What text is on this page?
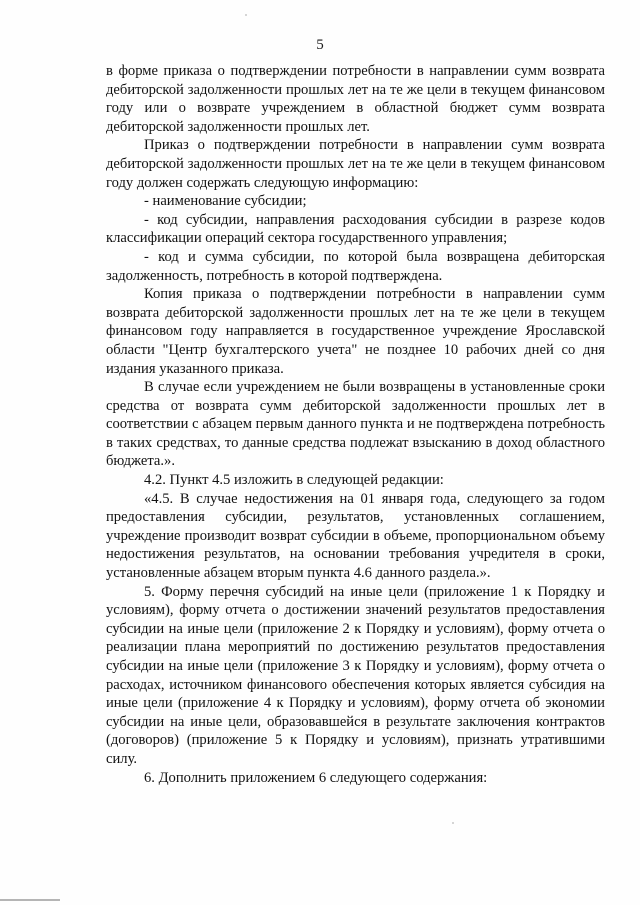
5

в форме приказа о подтверждении потребности в направлении сумм возврата дебиторской задолженности прошлых лет на те же цели в текущем финансовом году или о возврате учреждением в областной бюджет сумм возврата дебиторской задолженности прошлых лет.

Приказ о подтверждении потребности в направлении сумм возврата дебиторской задолженности прошлых лет на те же цели в текущем финансовом году должен содержать следующую информацию:

- наименование субсидии;

- код субсидии, направления расходования субсидии в разрезе кодов классификации операций сектора государственного управления;

- код и сумма субсидии, по которой была возвращена дебиторская задолженность, потребность в которой подтверждена.

Копия приказа о подтверждении потребности в направлении сумм возврата дебиторской задолженности прошлых лет на те же цели в текущем финансовом году направляется в государственное учреждение Ярославской области "Центр бухгалтерского учета" не позднее 10 рабочих дней со дня издания указанного приказа.

В случае если учреждением не были возвращены в установленные сроки средства от возврата сумм дебиторской задолженности прошлых лет в соответствии с абзацем первым данного пункта и не подтверждена потребность в таких средствах, то данные средства подлежат взысканию в доход областного бюджета.».

4.2. Пункт 4.5 изложить в следующей редакции:

«4.5. В случае недостижения на 01 января года, следующего за годом предоставления субсидии, результатов, установленных соглашением, учреждение производит возврат субсидии в объеме, пропорциональном объему недостижения результатов, на основании требования учредителя в сроки, установленные абзацем вторым пункта 4.6 данного раздела.».

5. Форму перечня субсидий на иные цели (приложение 1 к Порядку и условиям), форму отчета о достижении значений результатов предоставления субсидии на иные цели (приложение 2 к Порядку и условиям), форму отчета о реализации плана мероприятий по достижению результатов предоставления субсидии на иные цели (приложение 3 к Порядку и условиям), форму отчета о расходах, источником финансового обеспечения которых является субсидия на иные цели (приложение 4 к Порядку и условиям), форму отчета об экономии субсидии на иные цели, образовавшейся в результате заключения контрактов (договоров) (приложение 5 к Порядку и условиям), признать утратившими силу.

6. Дополнить приложением 6 следующего содержания:
